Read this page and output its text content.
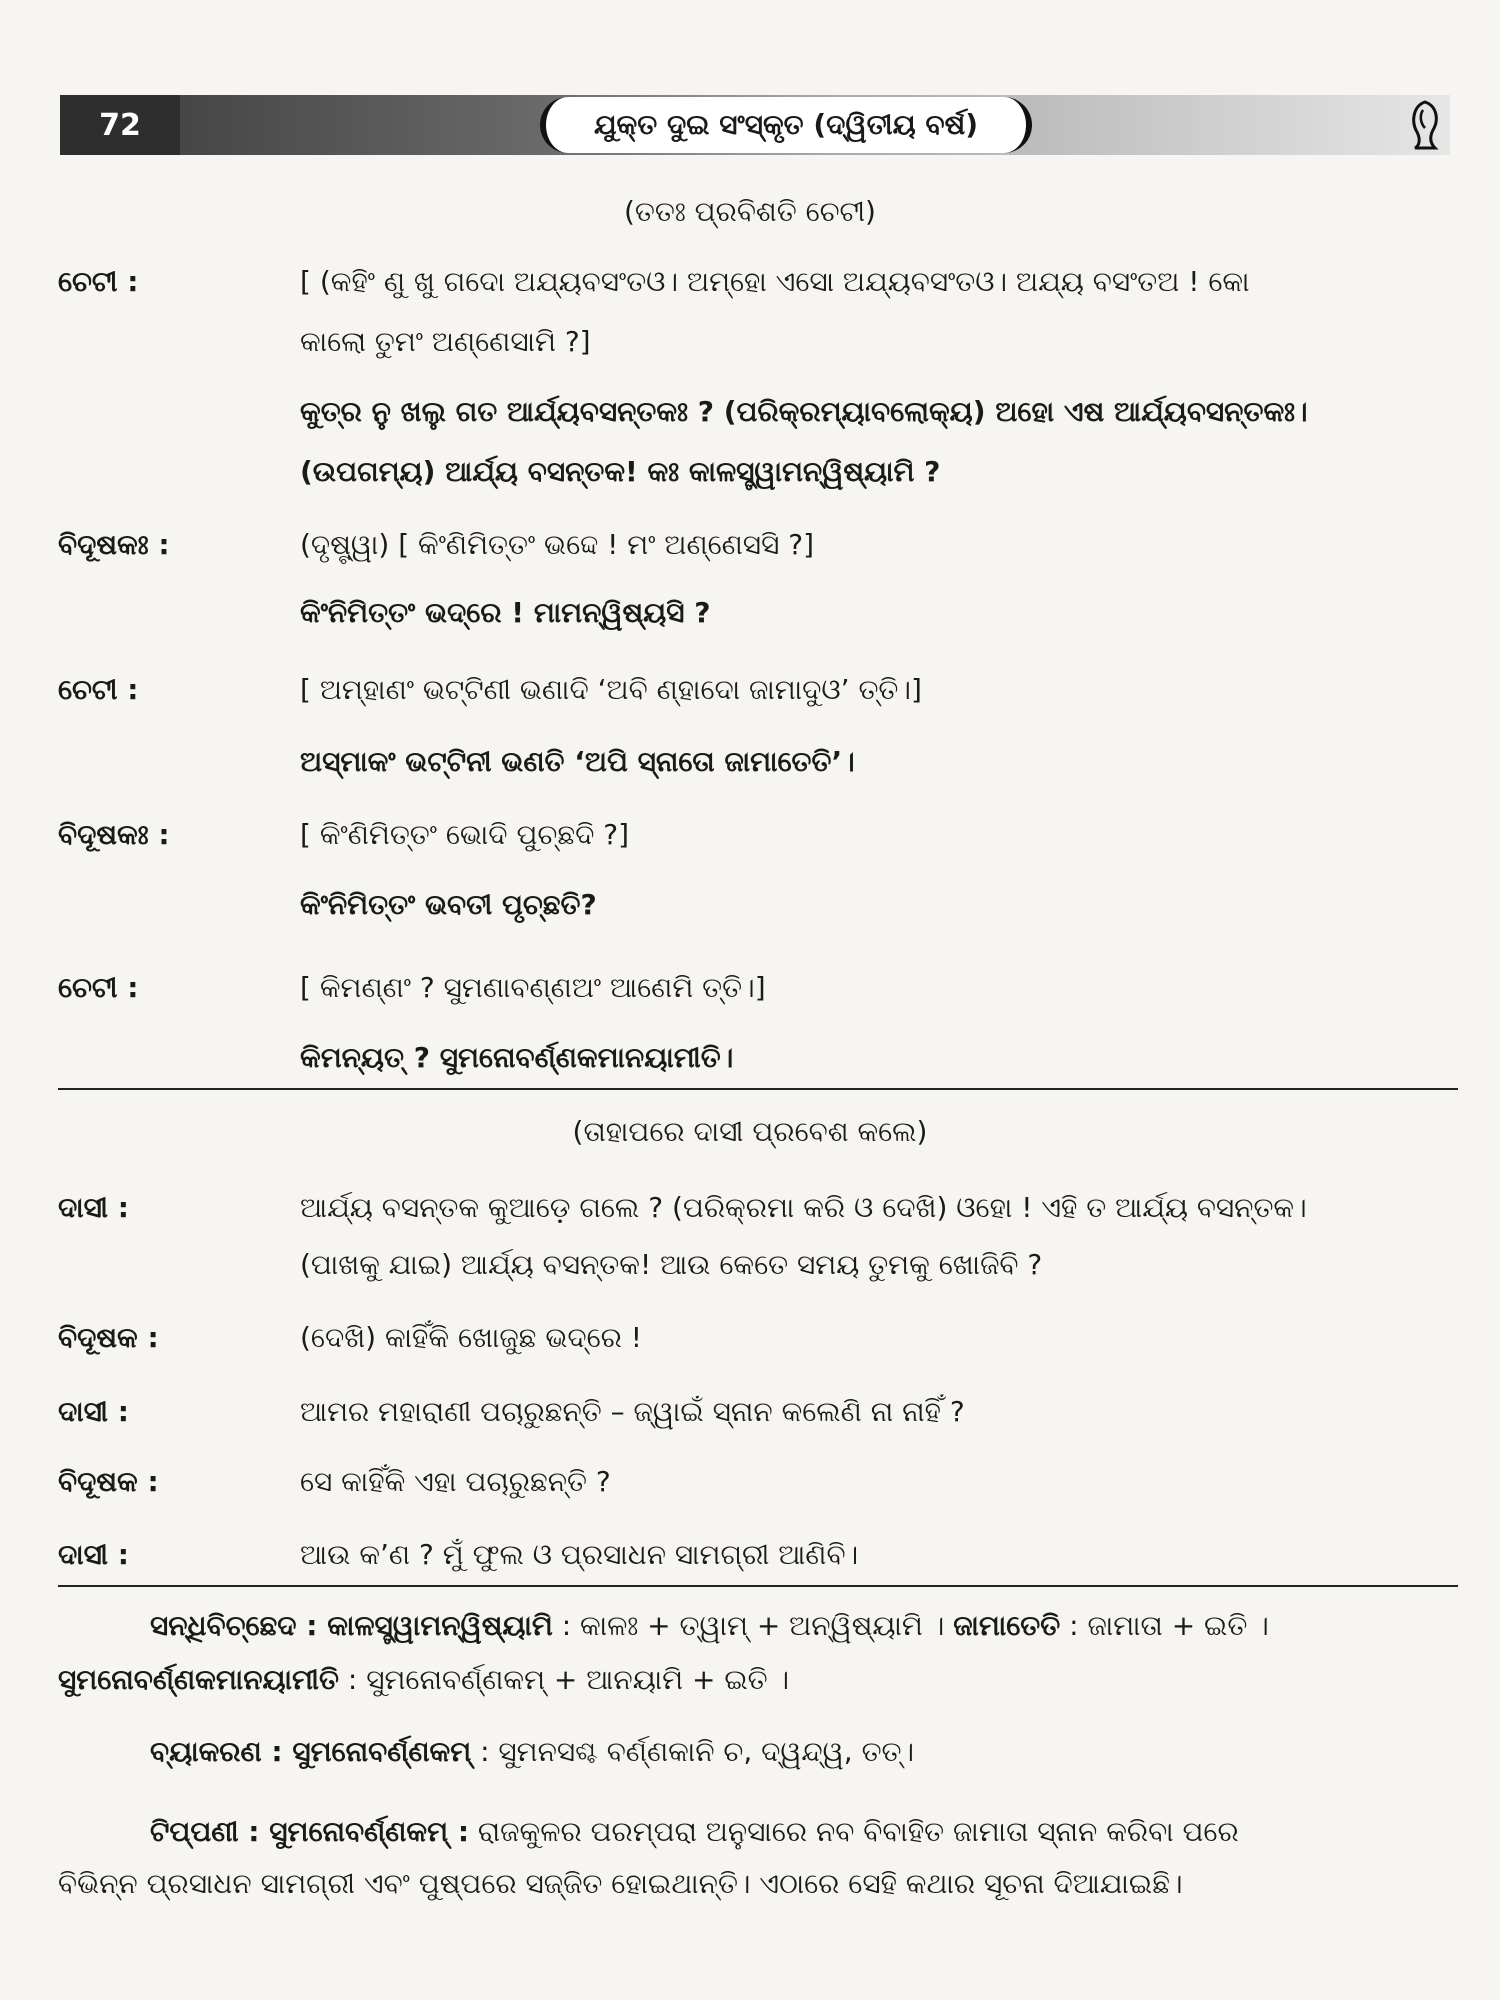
72	ଯୁକ୍ତ ଦୁଇ ସଂସ୍କୃତ (ଦ୍ୱିତୀୟ ବର୍ଷ)
(ତତଃ ପ୍ରବିଶତି ଚେଟୀ)
ଚେଟୀ :	[ (କହିଂ ଣୁ ଖୁ ଗଦୋ ଅଯ୍ୟବସଂତଓ। ଅମ୍ହୋ ଏସୋ ଅଯ୍ୟବସଂତଓ। ଅଯ୍ୟ ବସଂତଅ ! କୋ
କାଲୋ ତୁମଂ ଅଣ୍ଣେସାମି ?]
କୁତ୍ର ନୁ ଖଲୁ ଗତ ଆର୍ଯ୍ୟବସନ୍ତକଃ ? (ପରିକ୍ରମ୍ୟାବଲୋକ୍ୟ) ଅହୋ ଏଷ ଆର୍ଯ୍ୟବସନ୍ତକଃ।
(ଉପଗମ୍ୟ) ଆର୍ଯ୍ୟ ବସନ୍ତକ! କଃ କାଳସ୍ତ୍ୱାମନ୍ୱିଷ୍ୟାମି ?
ବିଦୂଷକଃ :	(ଦୃଷ୍ଟ୍ୱା) [ କିଂଣିମିତ୍ତଂ ଭଦ୍ଦେ ! ମଂ ଅଣ୍ଣେସସି ?]
କିଂନିମିତ୍ତଂ ଭଦ୍ରେ ! ମାମନ୍ୱିଷ୍ୟସି ?
ଚେଟୀ :	[ ଅମ୍ହାଣଂ ଭଟ୍ଟିଣୀ ଭଣାଦି ‘ଅବି ଣ୍ହାଦୋ ଜାମାଦୁଓ’ ତ୍ତି।]
ଅସ୍ମାକଂ ଭଟ୍ଟିନୀ ଭଣତି ‘ଅପି ସ୍ନାତୋ ଜାମାତେତି’।
ବିଦୂଷକଃ :	[ କିଂଣିମିତ୍ତଂ ଭୋଦି ପୁଚ୍ଛଦି ?]
କିଂନିମିତ୍ତଂ ଭବତୀ ପୃଚ୍ଛତି?
ଚେଟୀ :	[ କିମଣ୍ଣଂ ? ସୁମଣାବଣ୍ଣଅଂ ଆଣେମି ତ୍ତି।]
କିମନ୍ୟତ୍ ? ସୁମନୋବର୍ଣ୍ଣକମାନୟାମୀତି।
(ତାହାପରେ ଦାସୀ ପ୍ରବେଶ କଲେ)
ଦାସୀ :	ଆର୍ଯ୍ୟ ବସନ୍ତକ କୁଆଡ଼େ ଗଲେ ? (ପରିକ୍ରମା କରି ଓ ଦେଖି) ଓହୋ ! ଏହି ତ ଆର୍ଯ୍ୟ ବସନ୍ତକ।
(ପାଖକୁ ଯାଇ) ଆର୍ଯ୍ୟ ବସନ୍ତକ! ଆଉ କେତେ ସମୟ ତୁମକୁ ଖୋଜିବି ?
ବିଦୂଷକ :	(ଦେଖି) କାହିଁକି ଖୋଜୁଛ ଭଦ୍ରେ !
ଦାସୀ :	ଆମର ମହାରାଣୀ ପଚାରୁଛନ୍ତି – ଜ୍ୱାଇଁ ସ୍ନାନ କଲେଣି ନା ନାହିଁ ?
ବିଦୂଷକ :	ସେ କାହିଁକି ଏହା ପଚାରୁଛନ୍ତି ?
ଦାସୀ :	ଆଉ କ’ଣ ? ମୁଁ ଫୁଲ ଓ ପ୍ରସାଧନ ସାମଗ୍ରୀ ଆଣିବି।
ସନ୍ଧିବିଚ୍ଛେଦ : କାଳସ୍ତ୍ୱାମନ୍ୱିଷ୍ୟାମି : କାଳଃ + ତ୍ୱାମ୍ + ଅନ୍ୱିଷ୍ୟାମି । ଜାମାତେତି : ଜାମାତା + ଇତି ।
ସୁମନୋବର୍ଣ୍ଣକମାନୟାମୀତି : ସୁମନୋବର୍ଣ୍ଣକମ୍ + ଆନୟାମି + ଇତି ।
ବ୍ୟାକରଣ : ସୁମନୋବର୍ଣ୍ଣକମ୍ : ସୁମନସଶ୍ଚ ବର୍ଣ୍ଣକାନି ଚ, ଦ୍ୱନ୍ଦ୍ୱ, ତତ୍।
ଟିପ୍ପଣୀ : ସୁମନୋବର୍ଣ୍ଣକମ୍ : ରାଜକୁଳର ପରମ୍ପରା ଅନୁସାରେ ନବ ବିବାହିତ ଜାମାତା ସ୍ନାନ କରିବା ପରେ
ବିଭିନ୍ନ ପ୍ରସାଧନ ସାମଗ୍ରୀ ଏବଂ ପୁଷ୍ପରେ ସଜ୍ଜିତ ହୋଇଥାନ୍ତି। ଏଠାରେ ସେହି କଥାର ସୂଚନା ଦିଆଯାଇଛି।
